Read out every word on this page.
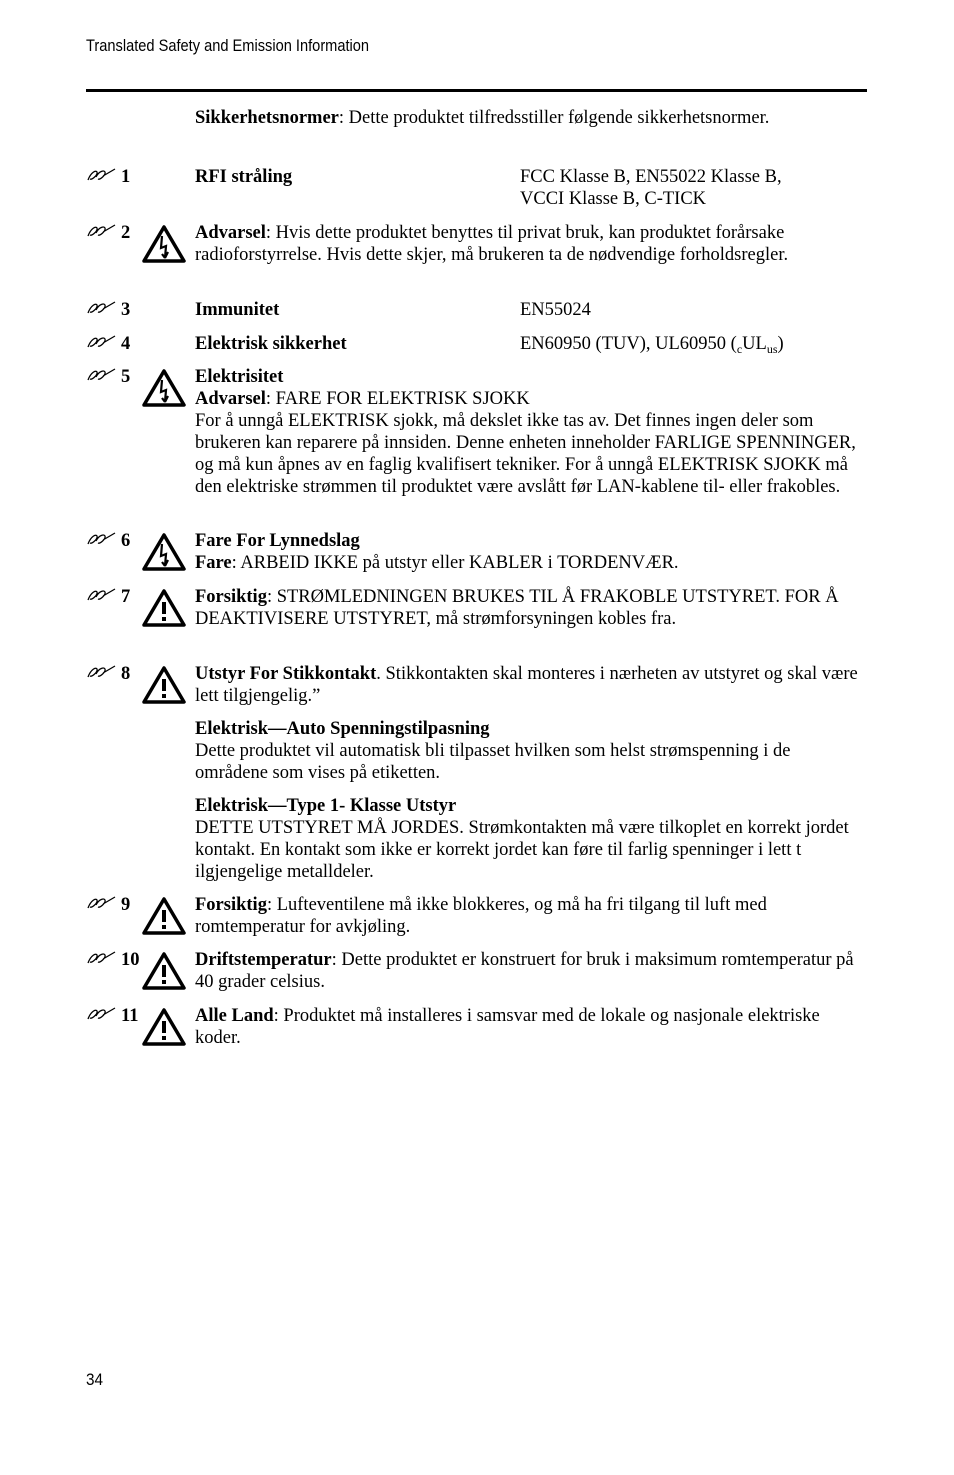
Translated Safety and Emission Information
Sikkerhetsnormer: Dette produktet tilfredsstiller følgende sikkerhetsnormer.
1	RFI stråling	FCC Klasse B, EN55022 Klasse B,
VCCI Klasse B, C-TICK
2	Advarsel: Hvis dette produktet benyttes til privat bruk, kan produktet forårsake radioforstyrrelse. Hvis dette skjer, må brukeren ta de nødvendige forholdsregler.
3	Immunitet	EN55024
4	Elektrisk sikkerhet	EN60950 (TUV), UL60950 $(_cUL_{us})$
5	Elektrisitet
Advarsel: FARE FOR ELEKTRISK SJOKK
For å unngå ELEKTRISK sjokk, må dekslet ikke tas av. Det finnes ingen deler som brukeren kan reparere på innsiden. Denne enheten inneholder FARLIGE SPENNINGER, og må kun åpnes av en faglig kvalifisert tekniker. For å unngå ELEKTRISK SJOKK må den elektriske strømmen til produktet være avslått før LAN-kablene til- eller frakobles.
6	Fare For Lynnedslag
Fare: ARBEID IKKE på utstyr eller KABLER i TORDENVÆR.
7	Forsiktig: STRØMLEDNINGEN BRUKES TIL Å FRAKOBLE UTSTYRET. FOR Å DEAKTIVISERE UTSTYRET, må strømforsyningen kobles fra.
8	Utstyr For Stikkontakt. Stikkontakten skal monteres i nærheten av utstyret og skal være lett tilgjengelig.”
Elektrisk—Auto Spenningstilpasning
Dette produktet vil automatisk bli tilpasset hvilken som helst strømspenning i de områdene som vises på etiketten.
Elektrisk—Type 1- Klasse Utstyr
DETTE UTSTYRET MÅ JORDES. Strømkontakten må være tilkoplet en korrekt jordet kontakt. En kontakt som ikke er korrekt jordet kan føre til farlig spenninger i lett t ilgjengelige metalldeler.
9	Forsiktig: Lufteventilene må ikke blokkeres, og må ha fri tilgang til luft med romtemperatur for avkjøling.
10	Driftstemperatur: Dette produktet er konstruert for bruk i maksimum romtemperatur på 40 grader celsius.
11	Alle Land: Produktet må installeres i samsvar med de lokale og nasjonale elektriske koder.
34
